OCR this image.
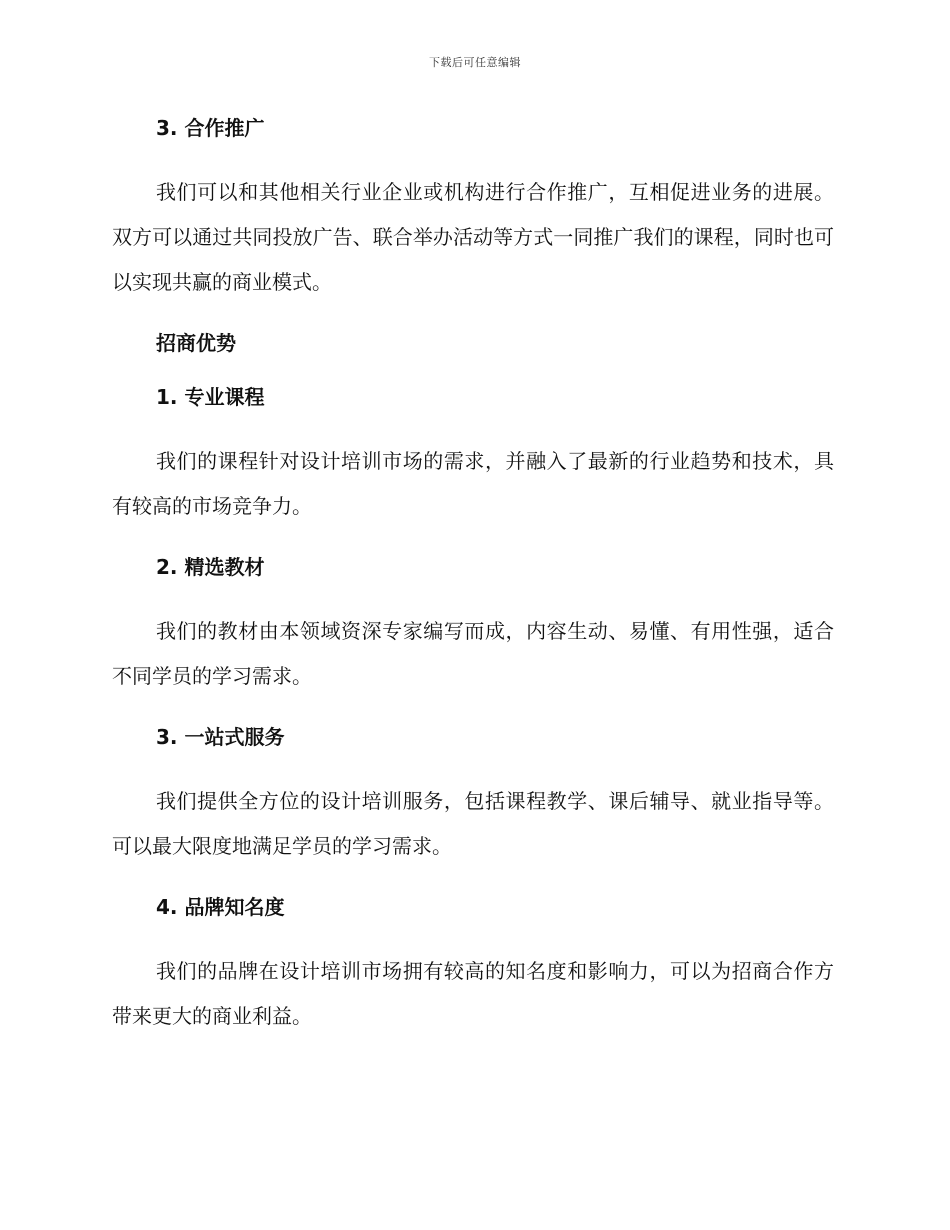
下载后可任意编辑
3. 合作推广

我们可以和其他相关行业企业或机构进行合作推广，互相促进业务的进展。双方可以通过共同投放广告、联合举办活动等方式一同推广我们的课程，同时也可以实现共赢的商业模式。

招商优势
1. 专业课程

我们的课程针对设计培训市场的需求，并融入了最新的行业趋势和技术，具有较高的市场竞争力。

2. 精选教材

我们的教材由本领域资深专家编写而成，内容生动、易懂、有用性强，适合不同学员的学习需求。

3. 一站式服务

我们提供全方位的设计培训服务，包括课程教学、课后辅导、就业指导等。可以最大限度地满足学员的学习需求。

4. 品牌知名度

我们的品牌在设计培训市场拥有较高的知名度和影响力，可以为招商合作方带来更大的商业利益。
